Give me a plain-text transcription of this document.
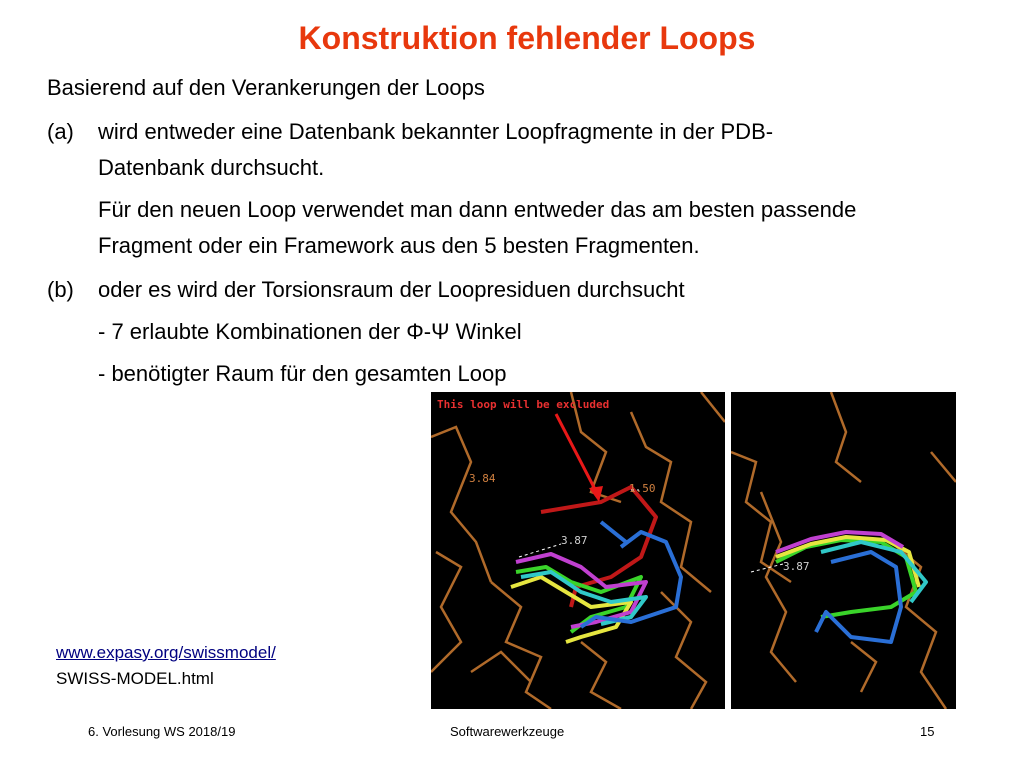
Konstruktion fehlender Loops
Basierend auf den Verankerungen der Loops
(a) wird entweder eine Datenbank bekannter Loopfragmente in der PDB-
Datenbank durchsucht.
Für den neuen Loop verwendet man dann entweder das am besten passende
Fragment oder ein Framework aus den 5 besten Fragmenten.
(b) oder es wird der Torsionsraum der Loopresiduen durchsucht
- 7 erlaubte Kombinationen der Φ-Ψ Winkel
- benötigter Raum für den gesamten Loop
This loop will be excluded
3.84
1.50
3.87
3.87
www.expasy.org/swissmodel/
SWISS-MODEL.html
6. Vorlesung WS 2018/19	Softwarewerkzeuge	15
